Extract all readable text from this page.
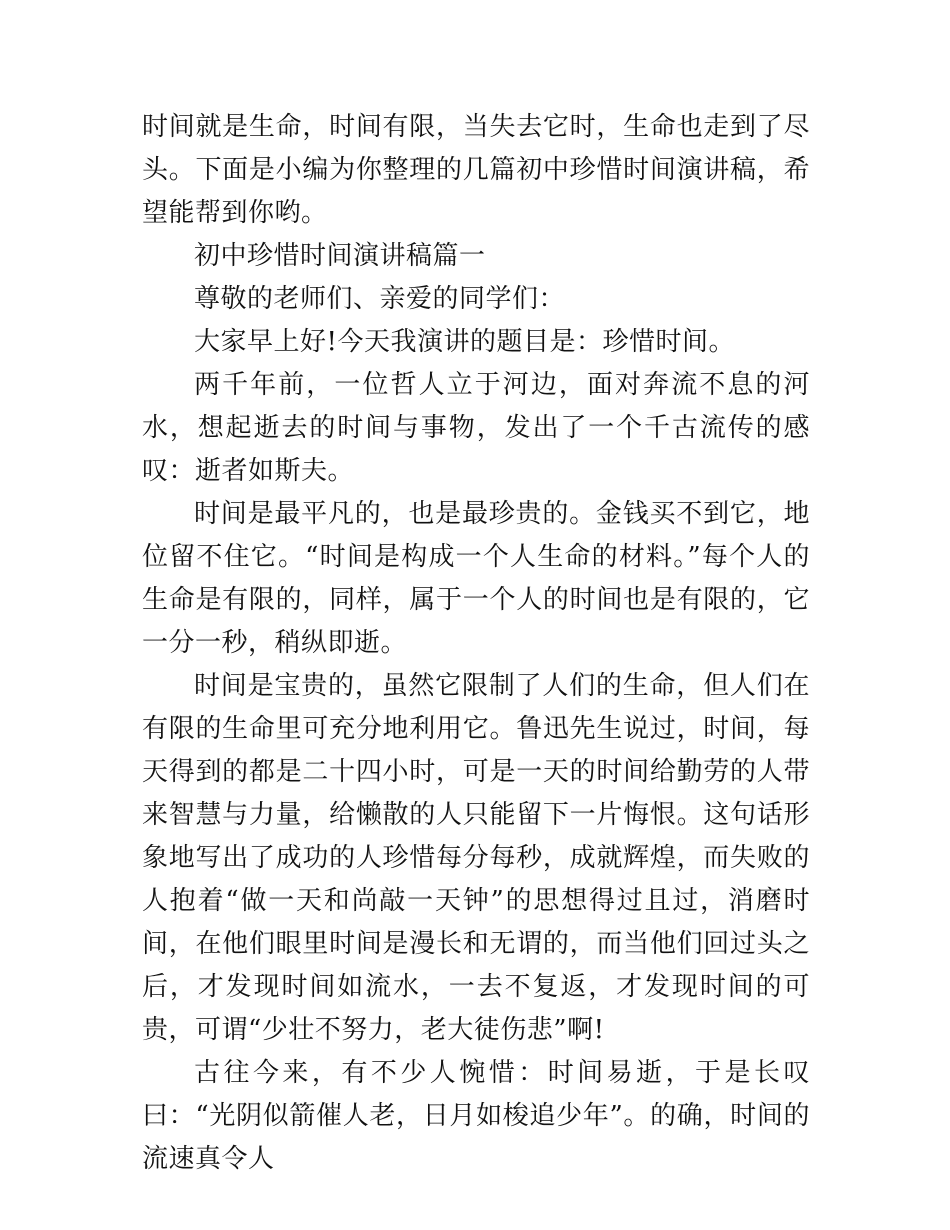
时间就是生命，时间有限，当失去它时，生命也走到了尽头。下面是小编为你整理的几篇初中珍惜时间演讲稿，希望能帮到你哟。

初中珍惜时间演讲稿篇一

尊敬的老师们、亲爱的同学们：

大家早上好!今天我演讲的题目是：珍惜时间。

两千年前，一位哲人立于河边，面对奔流不息的河水，想起逝去的时间与事物，发出了一个千古流传的感叹：逝者如斯夫。

时间是最平凡的，也是最珍贵的。金钱买不到它，地位留不住它。“时间是构成一个人生命的材料。”每个人的生命是有限的，同样，属于一个人的时间也是有限的，它一分一秒，稍纵即逝。

时间是宝贵的，虽然它限制了人们的生命，但人们在有限的生命里可充分地利用它。鲁迅先生说过，时间，每天得到的都是二十四小时，可是一天的时间给勤劳的人带来智慧与力量，给懒散的人只能留下一片悔恨。这句话形象地写出了成功的人珍惜每分每秒，成就辉煌，而失败的人抱着“做一天和尚敲一天钟”的思想得过且过，消磨时间，在他们眼里时间是漫长和无谓的，而当他们回过头之后，才发现时间如流水，一去不复返，才发现时间的可贵，可谓“少壮不努力，老大徒伤悲”啊!

古往今来，有不少人惋惜：时间易逝，于是长叹曰：“光阴似箭催人老，日月如梭追少年”。的确，时间的流速真令人
